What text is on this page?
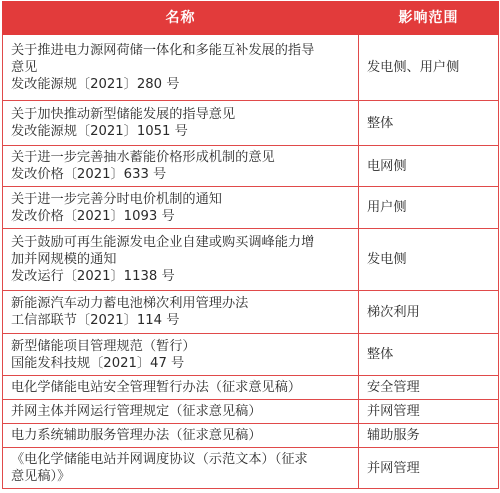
名称	影响范围

关于推进电力源网荷储一体化和多能互补发展的指导
意见
发改能源规〔2021〕280 号	发电侧、用户侧

关于加快推动新型储能发展的指导意见
发改能源规〔2021〕1051 号	整体

关于进一步完善抽水蓄能价格形成机制的意见
发改价格〔2021〕633 号	电网侧

关于进一步完善分时电价机制的通知
发改价格〔2021〕1093 号	用户侧

关于鼓励可再生能源发电企业自建或购买调峰能力增
加并网规模的通知
发改运行〔2021〕1138 号	发电侧

新能源汽车动力蓄电池梯次利用管理办法
工信部联节〔2021〕114 号	梯次利用

新型储能项目管理规范（暂行）
国能发科技规〔2021〕47 号	整体

电化学储能电站安全管理暂行办法（征求意见稿）	安全管理

并网主体并网运行管理规定（征求意见稿）	并网管理

电力系统辅助服务管理办法（征求意见稿）	辅助服务

《电化学储能电站并网调度协议（示范文本）（征求
意见稿）》	并网管理
